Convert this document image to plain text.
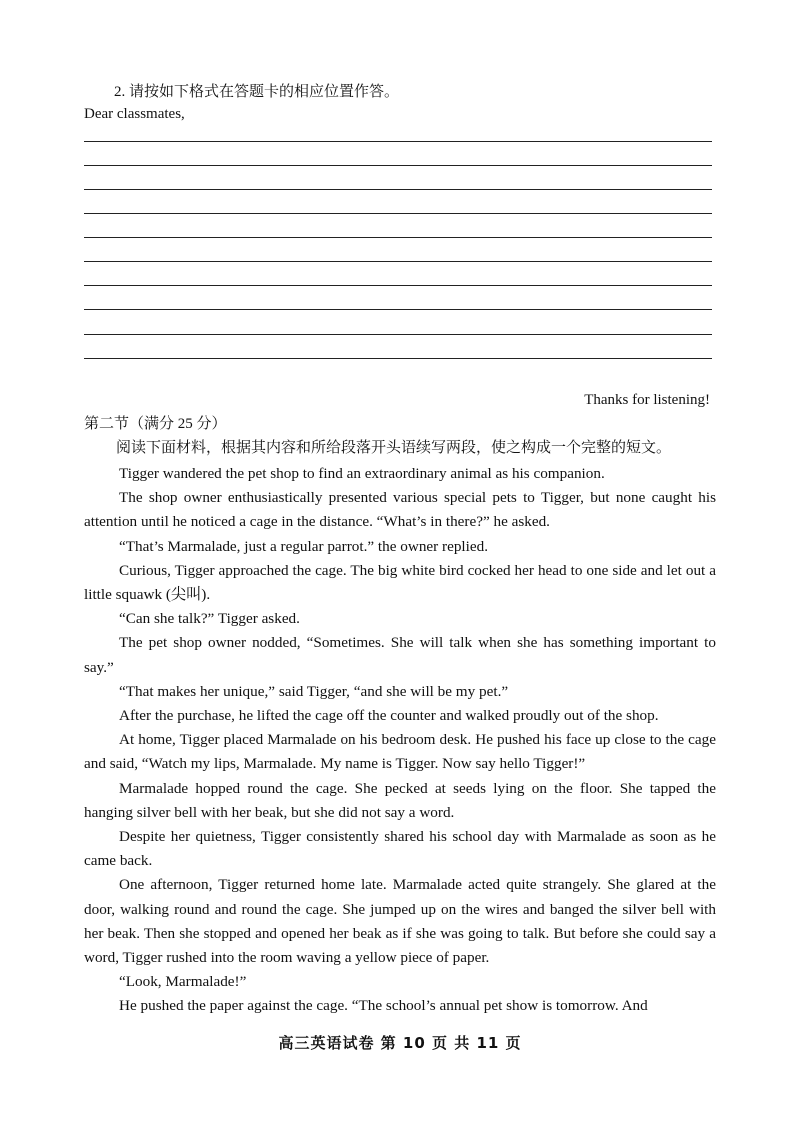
2. 请按如下格式在答题卡的相应位置作答。
Dear classmates,
Thanks for listening!
第二节（满分 25 分）
阅读下面材料，根据其内容和所给段落开头语续写两段，使之构成一个完整的短文。

Tigger wandered the pet shop to find an extraordinary animal as his companion.

The shop owner enthusiastically presented various special pets to Tigger, but none caught his attention until he noticed a cage in the distance. “What’s in there?” he asked.

“That’s Marmalade, just a regular parrot.” the owner replied.

Curious, Tigger approached the cage. The big white bird cocked her head to one side and let out a little squawk (尖叫).

“Can she talk?” Tigger asked.

The pet shop owner nodded, “Sometimes. She will talk when she has something important to say.”

“That makes her unique,” said Tigger, “and she will be my pet.”

After the purchase, he lifted the cage off the counter and walked proudly out of the shop.

At home, Tigger placed Marmalade on his bedroom desk. He pushed his face up close to the cage and said, “Watch my lips, Marmalade. My name is Tigger. Now say hello Tigger!”

Marmalade hopped round the cage. She pecked at seeds lying on the floor. She tapped the hanging silver bell with her beak, but she did not say a word.

Despite her quietness, Tigger consistently shared his school day with Marmalade as soon as he came back.

One afternoon, Tigger returned home late. Marmalade acted quite strangely. She glared at the door, walking round and round the cage. She jumped up on the wires and banged the silver bell with her beak. Then she stopped and opened her beak as if she was going to talk. But before she could say a word, Tigger rushed into the room waving a yellow piece of paper.

“Look, Marmalade!”

He pushed the paper against the cage. “The school’s annual pet show is tomorrow. And

高三英语试卷 第 10 页 共 11 页
